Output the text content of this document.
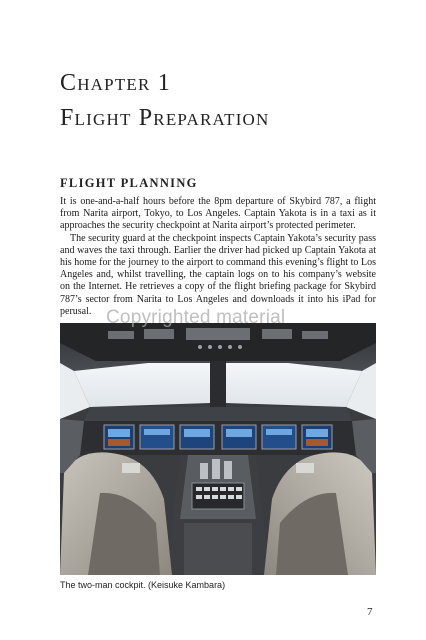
Chapter 1
Flight Preparation
FLIGHT PLANNING

It is one-and-a-half hours before the 8pm departure of Skybird 787, a flight from Narita airport, Tokyo, to Los Angeles. Captain Yakota is in a taxi as it approaches the security checkpoint at Narita airport’s protected perimeter.

The security guard at the checkpoint inspects Captain Yakota’s security pass and waves the taxi through. Earlier the driver had picked up Captain Yakota at his home for the journey to the airport to command this evening’s flight to Los Angeles and, whilst travelling, the captain logs on to his company’s website on the Internet. He retrieves a copy of the flight briefing package for Skybird 787’s sector from Narita to Los Angeles and downloads it into his iPad for perusal. Copyrighted material
The two-man cockpit. (Keisuke Kambara)
7
